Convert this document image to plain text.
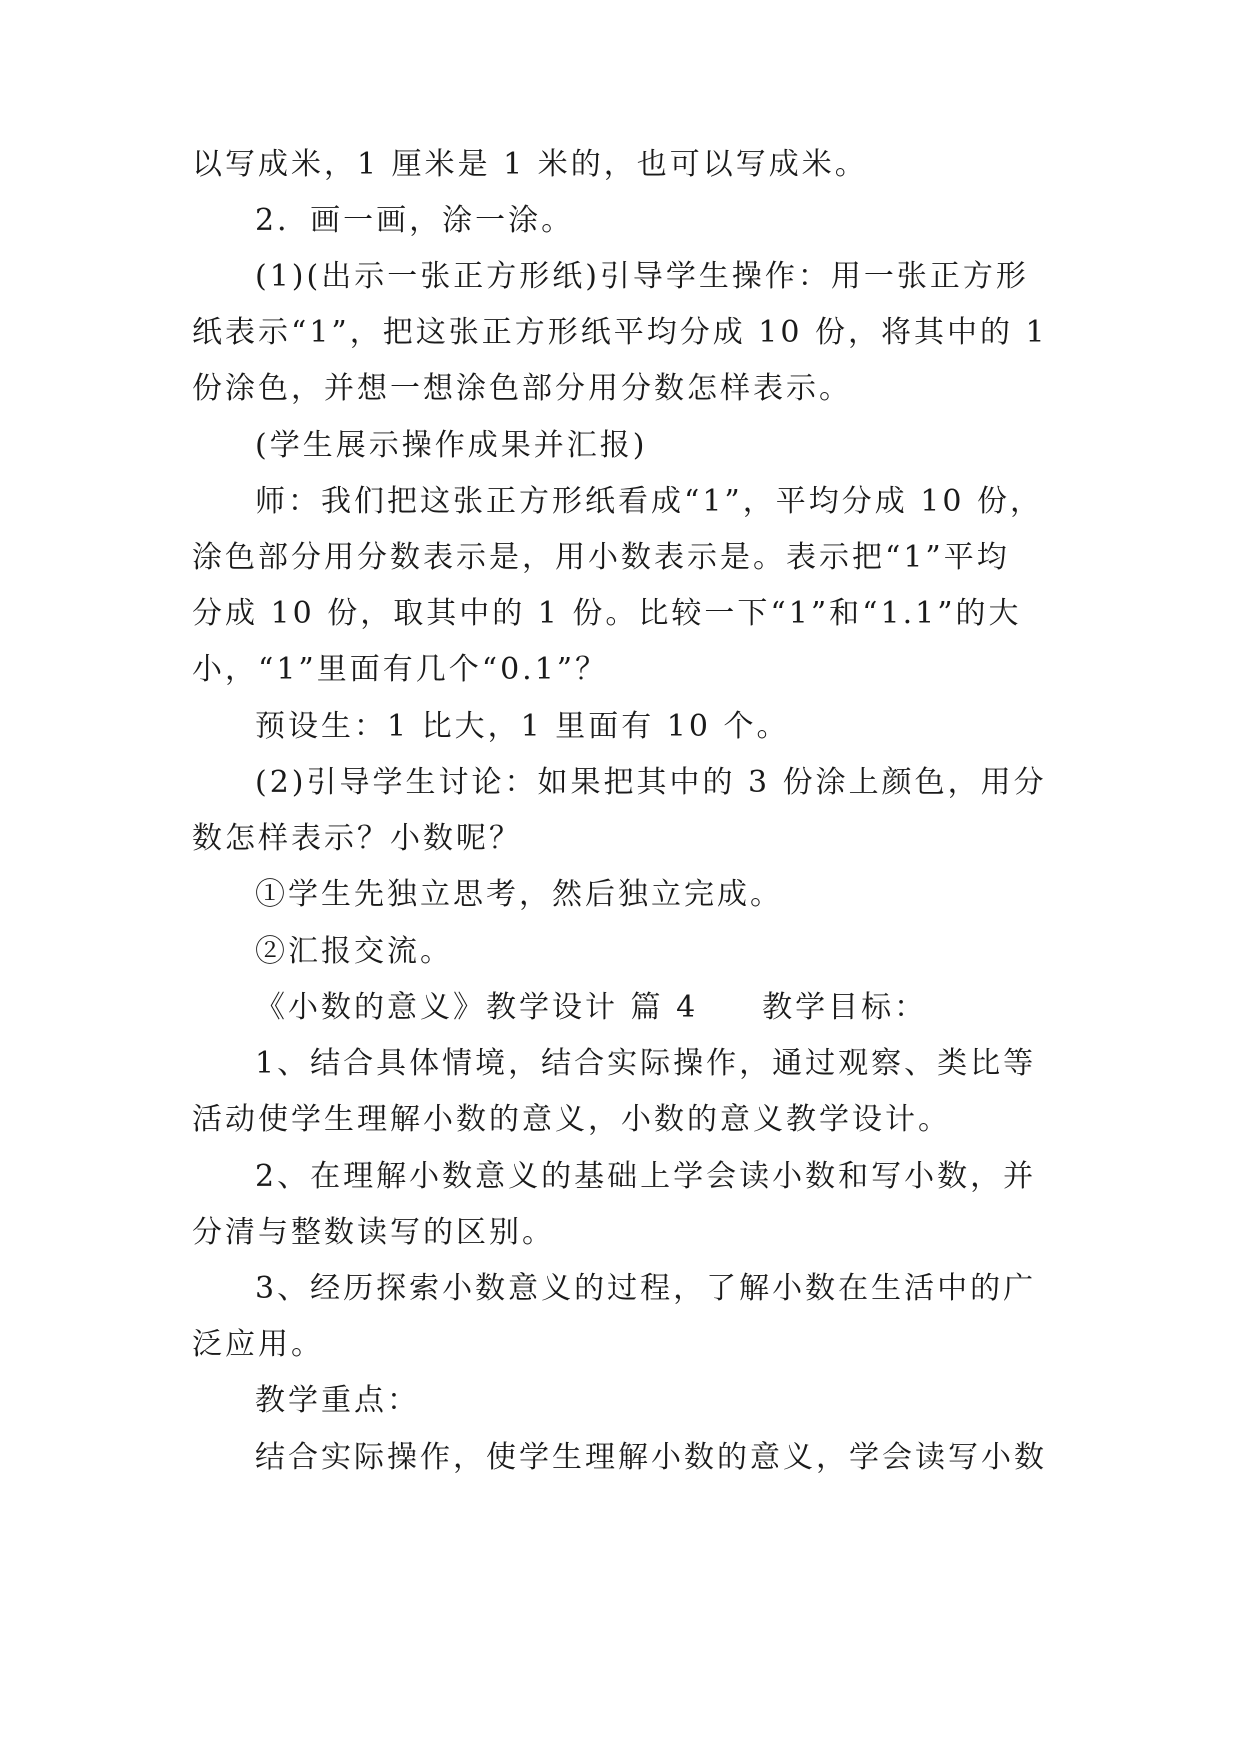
以写成米，1 厘米是 1 米的，也可以写成米。
2．画一画，涂一涂。
(1)(出示一张正方形纸)引导学生操作：用一张正方形
纸表示“1”，把这张正方形纸平均分成 10 份，将其中的 1
份涂色，并想一想涂色部分用分数怎样表示。
(学生展示操作成果并汇报)
师：我们把这张正方形纸看成“1”，平均分成 10 份，
涂色部分用分数表示是，用小数表示是。表示把“1”平均
分成 10 份，取其中的 1 份。比较一下“1”和“1.1”的大
小，“1”里面有几个“0.1”？
预设生：1 比大，1 里面有 10 个。
(2)引导学生讨论：如果把其中的 3 份涂上颜色，用分
数怎样表示？小数呢？
①学生先独立思考，然后独立完成。
②汇报交流。
《小数的意义》教学设计 篇 4 教学目标：
1、结合具体情境，结合实际操作，通过观察、类比等
活动使学生理解小数的意义，小数的意义教学设计。
2、在理解小数意义的基础上学会读小数和写小数，并
分清与整数读写的区别。
3、经历探索小数意义的过程，了解小数在生活中的广
泛应用。
教学重点：
结合实际操作，使学生理解小数的意义，学会读写小数
